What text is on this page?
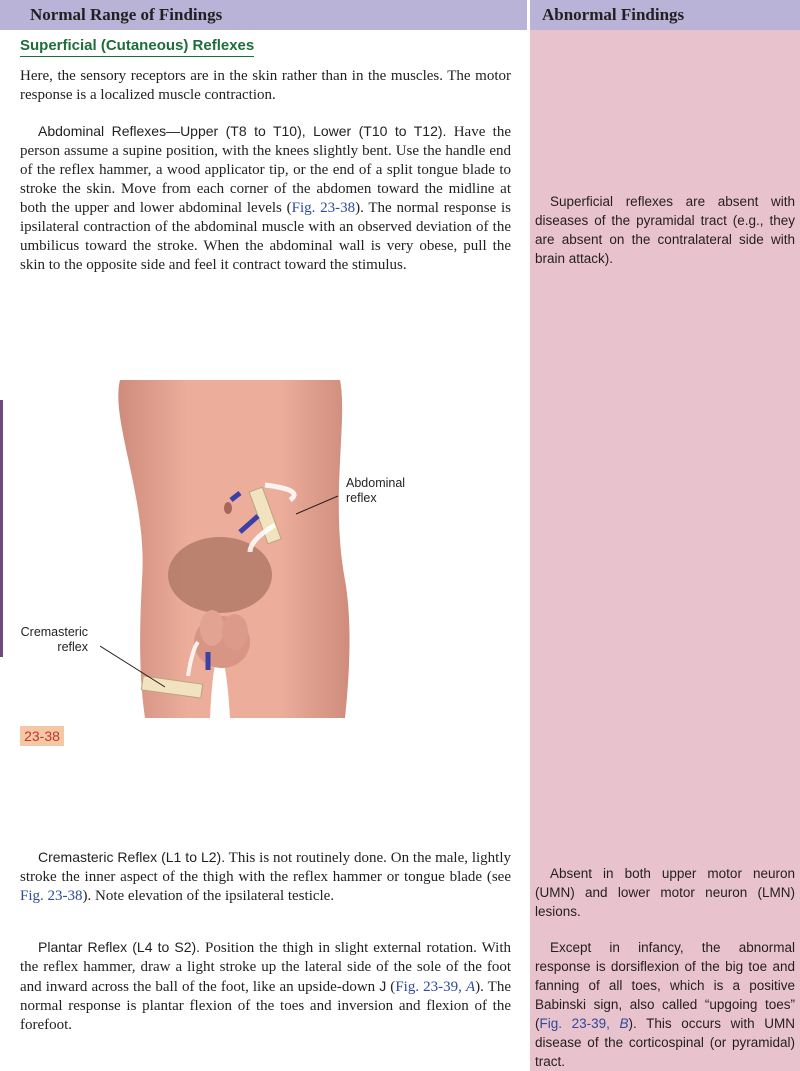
Normal Range of Findings	Abnormal Findings
Superficial (Cutaneous) Reflexes
Here, the sensory receptors are in the skin rather than in the muscles. The motor response is a localized muscle contraction.
Abdominal Reflexes—Upper (T8 to T10), Lower (T10 to T12). Have the person assume a supine position, with the knees slightly bent. Use the handle end of the reflex hammer, a wood applicator tip, or the end of a split tongue blade to stroke the skin. Move from each corner of the abdomen toward the midline at both the upper and lower abdominal levels (Fig. 23-38). The normal response is ipsilateral contraction of the abdominal muscle with an observed deviation of the umbilicus toward the stroke. When the abdominal wall is very obese, pull the skin to the opposite side and feel it contract toward the stimulus.
Superficial reflexes are absent with diseases of the pyramidal tract (e.g., they are absent on the contralateral side with brain attack).
Abdominal
reflex
Cremasteric
reflex
23-38
Cremasteric Reflex (L1 to L2). This is not routinely done. On the male, lightly stroke the inner aspect of the thigh with the reflex hammer or tongue blade (see Fig. 23-38). Note elevation of the ipsilateral testicle.
Absent in both upper motor neuron (UMN) and lower motor neuron (LMN) lesions.
Plantar Reflex (L4 to S2). Position the thigh in slight external rotation. With the reflex hammer, draw a light stroke up the lateral side of the sole of the foot and inward across the ball of the foot, like an upside-down J (Fig. 23-39, A). The normal response is plantar flexion of the toes and inversion and flexion of the forefoot.
Except in infancy, the abnormal response is dorsiflexion of the big toe and fanning of all toes, which is a positive Babinski sign, also called “upgoing toes” (Fig. 23-39, B). This occurs with UMN disease of the corticospinal (or pyramidal) tract.
